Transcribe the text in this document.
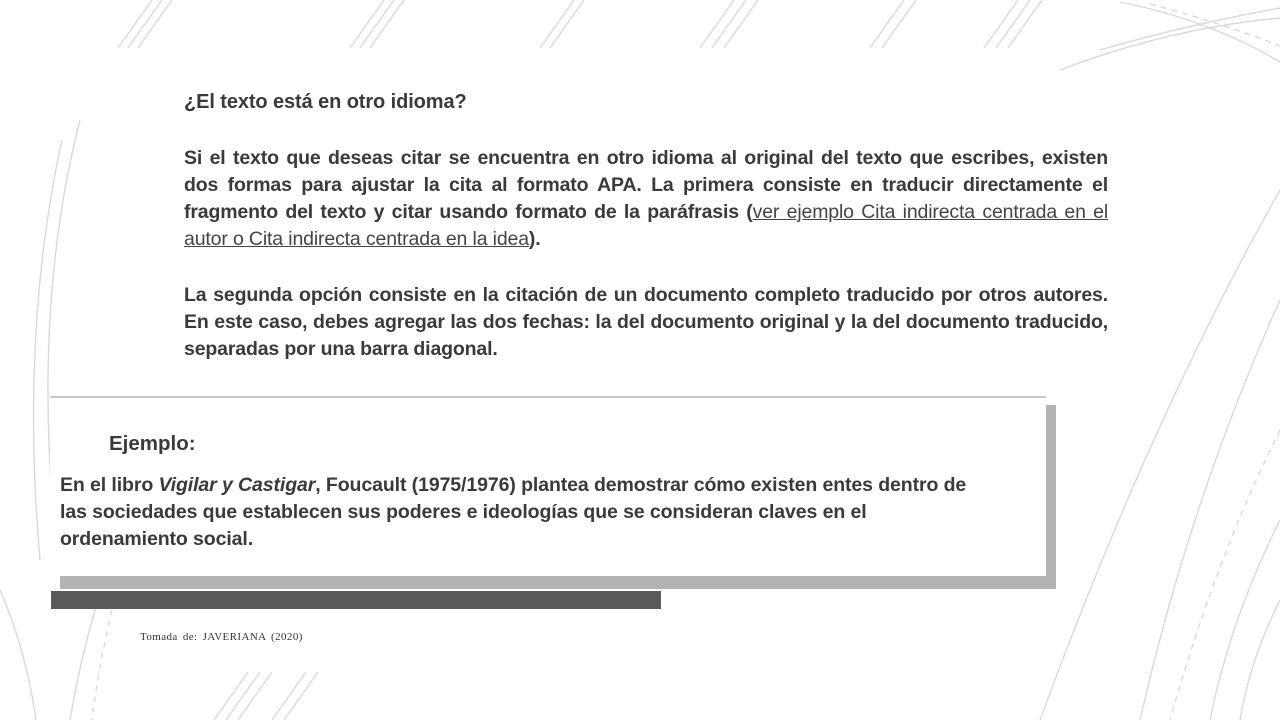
¿El texto está en otro idioma?

Si el texto que deseas citar se encuentra en otro idioma al original del texto que escribes, existen dos formas para ajustar la cita al formato APA. La primera consiste en traducir directamente el fragmento del texto y citar usando formato de la paráfrasis (ver ejemplo Cita indirecta centrada en el autor o Cita indirecta centrada en la idea).

La segunda opción consiste en la citación de un documento completo traducido por otros autores. En este caso, debes agregar las dos fechas: la del documento original y la del documento traducido, separadas por una barra diagonal.

Ejemplo:

En el libro Vigilar y Castigar, Foucault (1975/1976) plantea demostrar cómo existen entes dentro de las sociedades que establecen sus poderes e ideologías que se consideran claves en el ordenamiento social.

Tomada de: JAVERIANA (2020)
